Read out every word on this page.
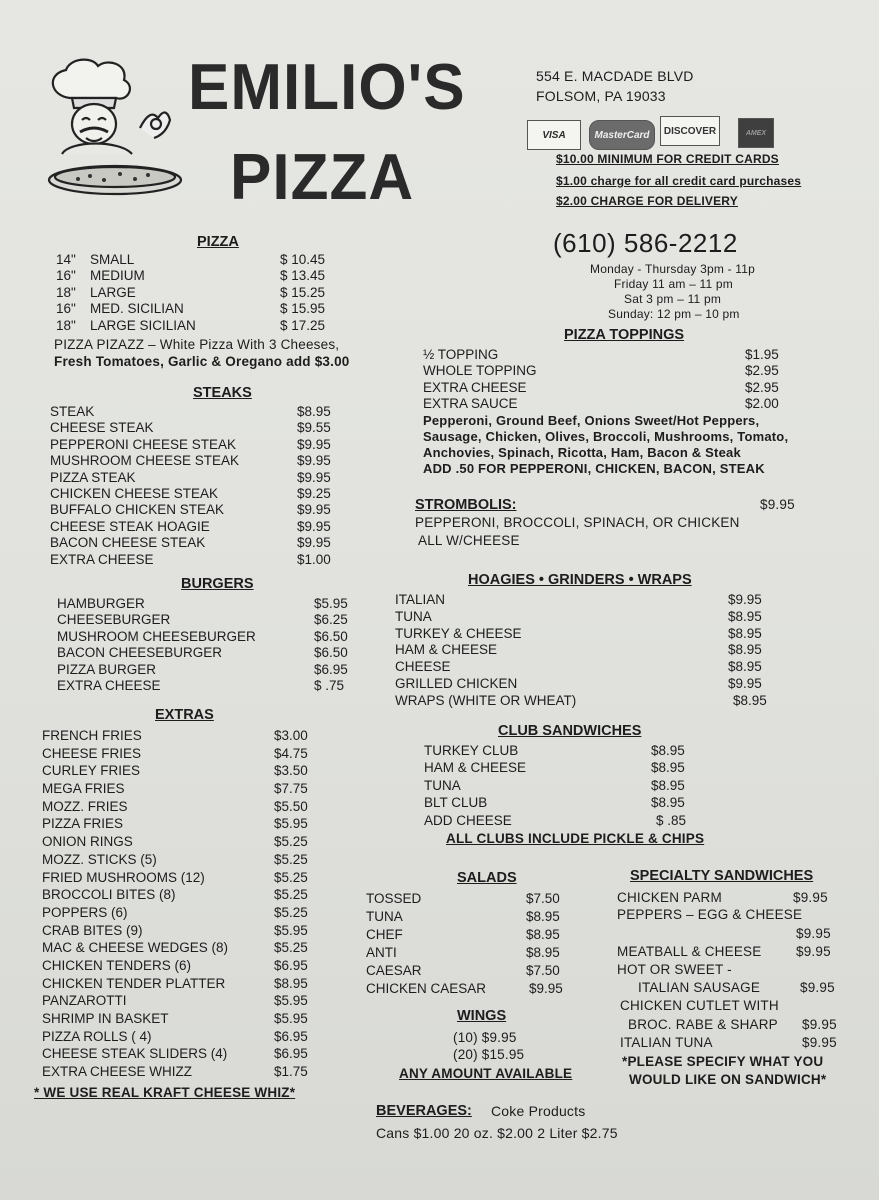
EMILIO'S
PIZZA
554 E. MACDADE BLVD
FOLSOM, PA 19033
VISA	MasterCard	DISCOVER	AMEX
$10.00 MINIMUM FOR CREDIT CARDS
$1.00 charge for all credit card purchases
$2.00 CHARGE FOR DELIVERY
(610) 586-2212
Monday - Thursday 3pm - 11p
Friday 11 am – 11 pm
Sat 3 pm – 11 pm
Sunday: 12 pm – 10 pm
PIZZA
14" SMALL	$ 10.45
16" MEDIUM	$ 13.45
18" LARGE	$ 15.25
16" MED. SICILIAN	$ 15.95
18" LARGE SICILIAN	$ 17.25
PIZZA PIZAZZ – White Pizza With 3 Cheeses,
Fresh Tomatoes, Garlic & Oregano add $3.00
STEAKS
STEAK	$8.95
CHEESE STEAK	$9.55
PEPPERONI CHEESE STEAK	$9.95
MUSHROOM CHEESE STEAK	$9.95
PIZZA STEAK	$9.95
CHICKEN CHEESE STEAK	$9.25
BUFFALO CHICKEN STEAK	$9.95
CHEESE STEAK HOAGIE	$9.95
BACON CHEESE STEAK	$9.95
EXTRA CHEESE	$1.00
BURGERS
HAMBURGER	$5.95
CHEESEBURGER	$6.25
MUSHROOM CHEESEBURGER	$6.50
BACON CHEESEBURGER	$6.50
PIZZA BURGER	$6.95
EXTRA CHEESE	$ .75
EXTRAS
FRENCH FRIES	$3.00
CHEESE FRIES	$4.75
CURLEY FRIES	$3.50
MEGA FRIES	$7.75
MOZZ. FRIES	$5.50
PIZZA FRIES	$5.95
ONION RINGS	$5.25
MOZZ. STICKS (5)	$5.25
FRIED MUSHROOMS (12)	$5.25
BROCCOLI BITES (8)	$5.25
POPPERS (6)	$5.25
CRAB BITES (9)	$5.95
MAC & CHEESE WEDGES (8)	$5.25
CHICKEN TENDERS (6)	$6.95
CHICKEN TENDER PLATTER	$8.95
PANZAROTTI	$5.95
SHRIMP IN BASKET	$5.95
PIZZA ROLLS ( 4)	$6.95
CHEESE STEAK SLIDERS (4)	$6.95
EXTRA CHEESE WHIZZ	$1.75
* WE USE REAL KRAFT CHEESE WHIZ*
PIZZA TOPPINGS
½ TOPPING	$1.95
WHOLE TOPPING	$2.95
EXTRA CHEESE	$2.95
EXTRA SAUCE	$2.00
Pepperoni, Ground Beef, Onions Sweet/Hot Peppers,
Sausage, Chicken, Olives, Broccoli, Mushrooms, Tomato,
Anchovies, Spinach, Ricotta, Ham, Bacon & Steak
ADD .50 FOR PEPPERONI, CHICKEN, BACON, STEAK
STROMBOLIS:	$9.95
PEPPERONI, BROCCOLI, SPINACH, OR CHICKEN
ALL W/CHEESE
HOAGIES • GRINDERS • WRAPS
ITALIAN	$9.95
TUNA	$8.95
TURKEY & CHEESE	$8.95
HAM & CHEESE	$8.95
CHEESE	$8.95
GRILLED CHICKEN	$9.95
WRAPS (WHITE OR WHEAT)	$8.95
CLUB SANDWICHES
TURKEY CLUB	$8.95
HAM & CHEESE	$8.95
TUNA	$8.95
BLT CLUB	$8.95
ADD CHEESE	$ .85
ALL CLUBS INCLUDE PICKLE & CHIPS
SALADS
TOSSED	$7.50
TUNA	$8.95
CHEF	$8.95
ANTI	$8.95
CAESAR	$7.50
CHICKEN CAESAR	$9.95
WINGS
(10) $9.95
(20) $15.95
ANY AMOUNT AVAILABLE
SPECIALTY SANDWICHES
CHICKEN PARM	$9.95
PEPPERS – EGG & CHEESE
$9.95
MEATBALL & CHEESE	$9.95
HOT OR SWEET -
ITALIAN SAUSAGE	$9.95
CHICKEN CUTLET WITH
BROC. RABE & SHARP $9.95
ITALIAN TUNA	$9.95
*PLEASE SPECIFY WHAT YOU
WOULD LIKE ON SANDWICH*
BEVERAGES: Coke Products
Cans $1.00 20 oz. $2.00 2 Liter $2.75
